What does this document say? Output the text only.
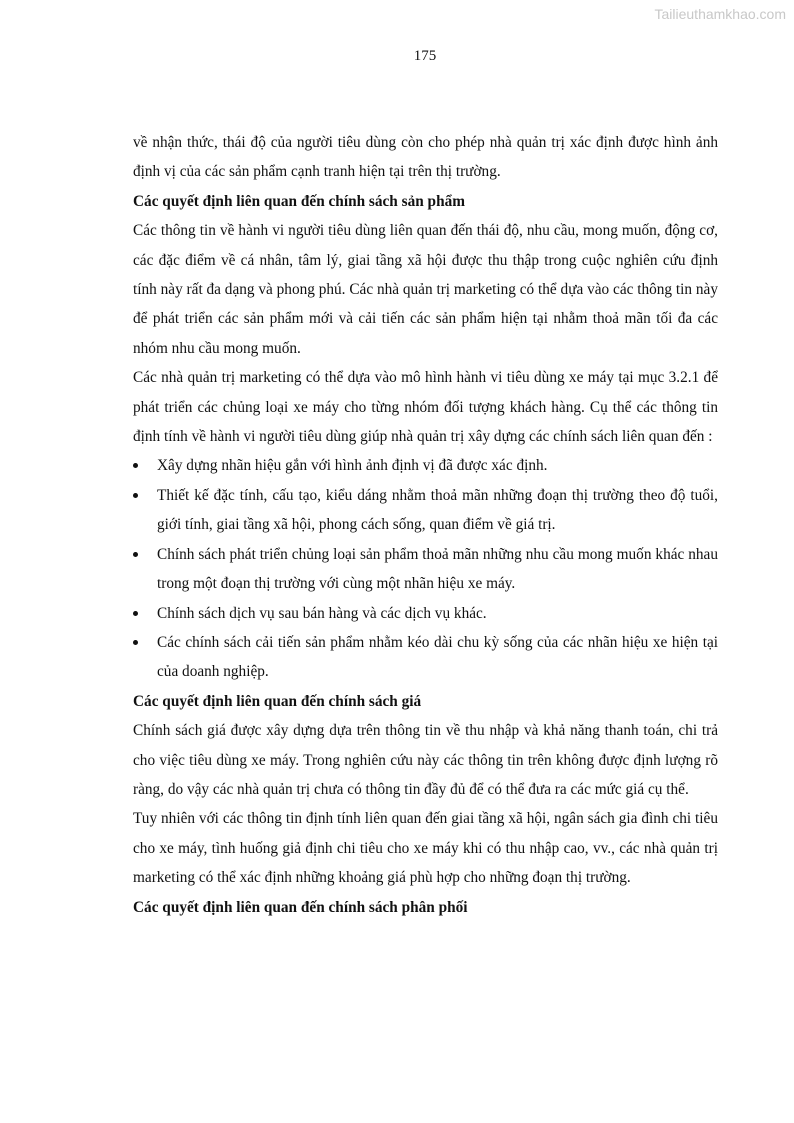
Tailieuthamkhao.com
175

về nhận thức, thái độ của người tiêu dùng còn cho phép nhà quản trị xác định được hình ảnh định vị của các sản phẩm cạnh tranh hiện tại trên thị trường.

Các quyết định liên quan đến chính sách sản phẩm

Các thông tin về hành vi người tiêu dùng liên quan đến thái độ, nhu cầu, mong muốn, động cơ, các đặc điểm về cá nhân, tâm lý, giai tầng xã hội được thu thập trong cuộc nghiên cứu định tính này rất đa dạng và phong phú. Các nhà quản trị marketing có thể dựa vào các thông tin này để phát triển các sản phẩm mới và cải tiến các sản phẩm hiện tại nhằm thoả mãn tối đa các nhóm nhu cầu mong muốn.

Các nhà quản trị marketing có thể dựa vào mô hình hành vi tiêu dùng xe máy tại mục 3.2.1 để phát triển các chủng loại xe máy cho từng nhóm đối tượng khách hàng. Cụ thể các thông tin định tính về hành vi người tiêu dùng giúp nhà quản trị xây dựng các chính sách liên quan đến :

Xây dựng nhãn hiệu gắn với hình ảnh định vị đã được xác định.
Thiết kế đặc tính, cấu tạo, kiểu dáng nhằm thoả mãn những đoạn thị trường theo độ tuổi, giới tính, giai tầng xã hội, phong cách sống, quan điểm về giá trị.
Chính sách phát triển chủng loại sản phẩm thoả mãn những nhu cầu mong muốn khác nhau trong một đoạn thị trường với cùng một nhãn hiệu xe máy.
Chính sách dịch vụ sau bán hàng và các dịch vụ khác.
Các chính sách cải tiến sản phẩm nhằm kéo dài chu kỳ sống của các nhãn hiệu xe hiện tại của doanh nghiệp.
Các quyết định liên quan đến chính sách giá

Chính sách giá được xây dựng dựa trên thông tin về thu nhập và khả năng thanh toán, chi trả cho việc tiêu dùng xe máy. Trong nghiên cứu này các thông tin trên không được định lượng rõ ràng, do vậy các nhà quản trị chưa có thông tin đầy đủ để có thể đưa ra các mức giá cụ thể.

Tuy nhiên với các thông tin định tính liên quan đến giai tầng xã hội, ngân sách gia đình chi tiêu cho xe máy, tình huống giả định chi tiêu cho xe máy khi có thu nhập cao, vv., các nhà quản trị marketing có thể xác định những khoảng giá phù hợp cho những đoạn thị trường.

Các quyết định liên quan đến chính sách phân phối
